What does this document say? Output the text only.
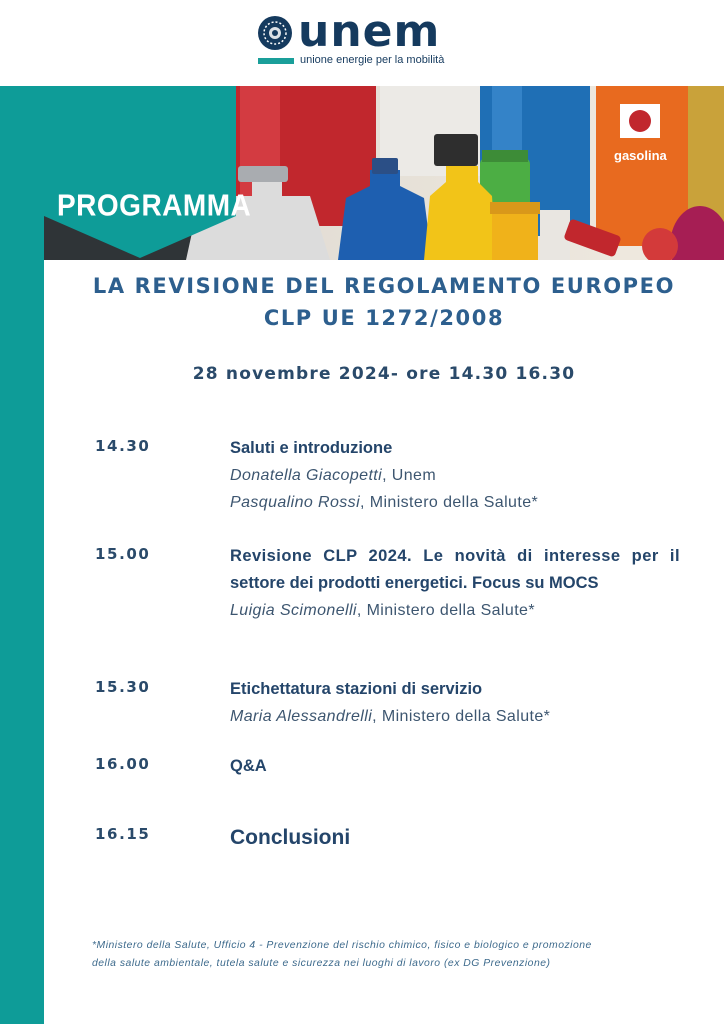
unem
unione energie per la mobilità
gasolina
PROGRAMMA
LA REVISIONE DEL REGOLAMENTO EUROPEO
CLP UE 1272/2008
28 novembre 2024- ore 14.30 16.30
14.30	Saluti e introduzione
Donatella Giacopetti, Unem
Pasqualino Rossi, Ministero della Salute*
15.00	Revisione CLP 2024. Le novità di interesse per il
settore dei prodotti energetici. Focus su MOCS
Luigia Scimonelli, Ministero della Salute*
15.30	Etichettatura stazioni di servizio
Maria Alessandrelli, Ministero della Salute*
16.00	Q&A
16.15	Conclusioni
*Ministero della Salute, Ufficio 4 - Prevenzione del rischio chimico, fisico e biologico e promozione
della salute ambientale, tutela salute e sicurezza nei luoghi di lavoro (ex DG Prevenzione)
